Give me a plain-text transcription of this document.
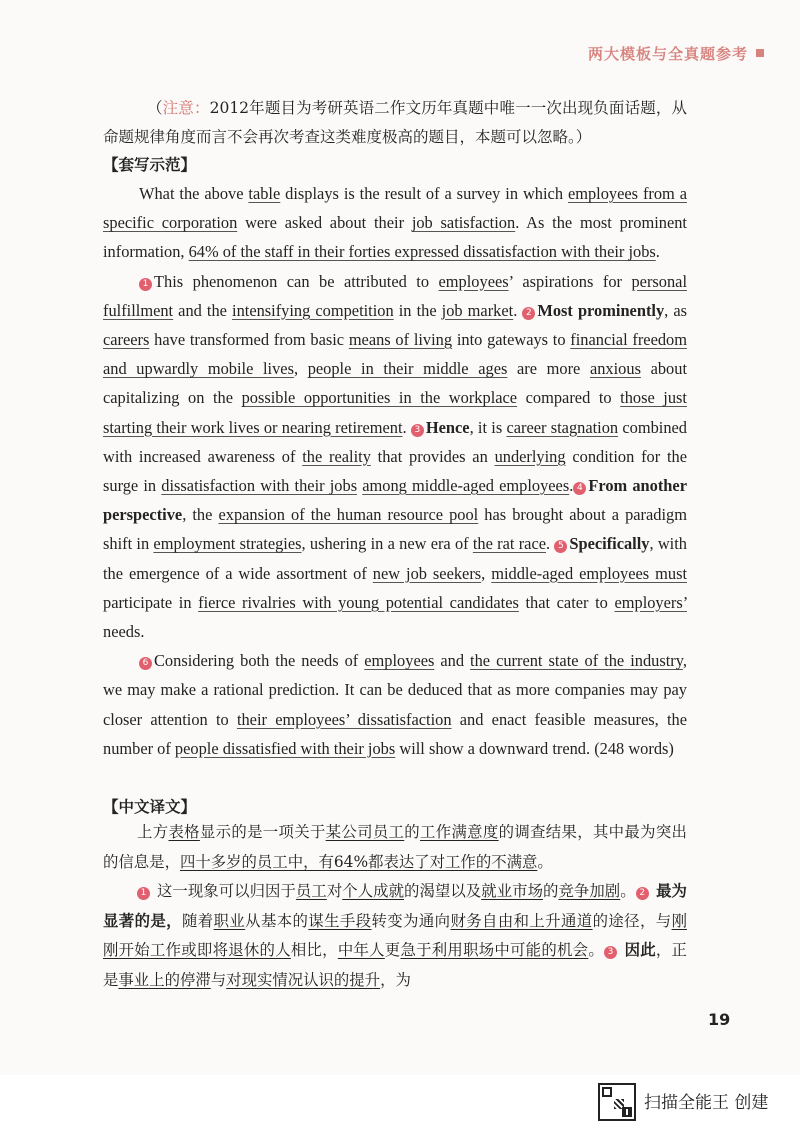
两大模板与全真题参考
（注意：2012年题目为考研英语二作文历年真题中唯一一次出现负面话题，从命题规律角度而言不会再次考查这类难度极高的题目，本题可以忽略。）
【套写示范】

What the above table displays is the result of a survey in which employees from a specific corporation were asked about their job satisfaction. As the most prominent information, 64% of the staff in their forties expressed dissatisfaction with their jobs.

1 This phenomenon can be attributed to employees’ aspirations for personal fulfillment and the intensifying competition in the job market. 2 Most prominently, as careers have transformed from basic means of living into gateways to financial freedom and upwardly mobile lives, people in their middle ages are more anxious about capitalizing on the possible opportunities in the workplace compared to those just starting their work lives or nearing retirement. 3 Hence, it is career stagnation combined with increased awareness of the reality that provides an underlying condition for the surge in dissatisfaction with their jobs among middle-aged employees. 4 From another perspective, the expansion of the human resource pool has brought about a paradigm shift in employment strategies, ushering in a new era of the rat race. 5 Specifically, with the emergence of a wide assortment of new job seekers, middle-aged employees must participate in fierce rivalries with young potential candidates that cater to employers’ needs.

6 Considering both the needs of employees and the current state of the industry, we may make a rational prediction. It can be deduced that as more companies may pay closer attention to their employees’ dissatisfaction and enact feasible measures, the number of people dissatisfied with their jobs will show a downward trend. (248 words)

【中文译文】

上方表格显示的是一项关于某公司员工的工作满意度的调查结果，其中最为突出的信息是，四十多岁的员工中，有64%都表达了对工作的不满意。

1 这一现象可以归因于员工对个人成就的渴望以及就业市场的竞争加剧。 2 最为显著的是，随着职业从基本的谋生手段转变为通向财务自由和上升通道的途径，与刚刚开始工作或即将退休的人相比，中年人更急于利用职场中可能的机会。 3 因此，正是事业上的停滞与对现实情况认识的提升，为

19
扫描全能王 创建
